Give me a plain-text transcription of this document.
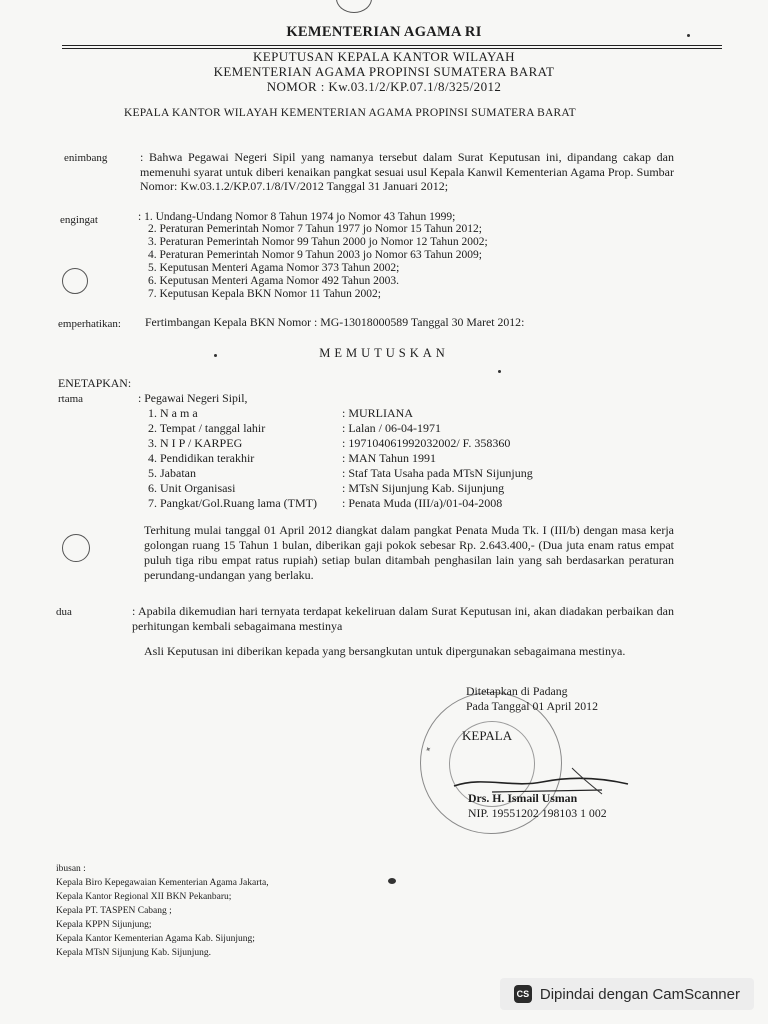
KEMENTERIAN AGAMA RI
KEPUTUSAN KEPALA KANTOR WILAYAH
KEMENTERIAN AGAMA PROPINSI SUMATERA BARAT
NOMOR : Kw.03.1/2/KP.07.1/8/325/2012
KEPALA KANTOR WILAYAH KEMENTERIAN AGAMA PROPINSI SUMATERA BARAT
enimbang	: Bahwa Pegawai Negeri Sipil yang namanya tersebut dalam Surat Keputusan ini, dipandang cakap dan memenuhi syarat untuk diberi kenaikan pangkat sesuai usul Kepala Kanwil Kementerian Agama Prop. Sumbar Nomor: Kw.03.1.2/KP.07.1/8/IV/2012 Tanggal 31 Januari 2012;
engingat	: 1. Undang-Undang Nomor 8 Tahun 1974 jo Nomor 43 Tahun 1999;
2. Peraturan Pemerintah Nomor 7 Tahun 1977 jo Nomor 15 Tahun 2012;
3. Peraturan Pemerintah Nomor 99 Tahun 2000 jo Nomor 12 Tahun 2002;
4. Peraturan Pemerintah Nomor 9 Tahun 2003 jo Nomor 63 Tahun 2009;
5. Keputusan Menteri Agama Nomor 373 Tahun 2002;
6. Keputusan Menteri Agama Nomor 492 Tahun 2003.
7. Keputusan Kepala BKN Nomor 11 Tahun 2002;
emperhatikan: Fertimbangan Kepala BKN Nomor : MG-13018000589 Tanggal 30 Maret 2012:
MEMUTUSKAN
ENETAPKAN:
rtama	: Pegawai Negeri Sipil,
1. N a m a	: MURLIANA
2. Tempat / tanggal lahir	: Lalan / 06-04-1971
3. N I P / KARPEG	: 197104061992032002/ F. 358360
4. Pendidikan terakhir	: MAN Tahun 1991
5. Jabatan	: Staf Tata Usaha pada MTsN Sijunjung
6. Unit Organisasi	: MTsN Sijunjung Kab. Sijunjung
7. Pangkat/Gol.Ruang lama (TMT) : Penata Muda (III/a)/01-04-2008
Terhitung mulai tanggal 01 April 2012 diangkat dalam pangkat Penata Muda Tk. I (III/b) dengan masa kerja golongan ruang 15 Tahun 1 bulan, diberikan gaji pokok sebesar Rp. 2.643.400,- (Dua juta enam ratus empat puluh tiga ribu empat ratus rupiah) setiap bulan ditambah penghasilan lain yang sah berdasarkan peraturan perundang-undangan yang berlaku.
dua	: Apabila dikemudian hari ternyata terdapat kekeliruan dalam Surat Keputusan ini, akan diadakan perbaikan dan perhitungan kembali sebagaimana mestinya
Asli Keputusan ini diberikan kepada yang bersangkutan untuk dipergunakan sebagaimana mestinya.
✦
Ditetapkan di Padang
Pada Tanggal 01 April 2012
KEPALA
Drs. H. Ismail Usman
NIP. 19551202 198103 1 002
ibusan :
Kepala Biro Kepegawaian Kementerian Agama Jakarta,
Kepala Kantor Regional XII BKN Pekanbaru;
Kepala PT. TASPEN Cabang ;
Kepala KPPN Sijunjung;
Kepala Kantor Kementerian Agama Kab. Sijunjung;
Kepala MTsN Sijunjung Kab. Sijunjung.
CS Dipindai dengan CamScanner
